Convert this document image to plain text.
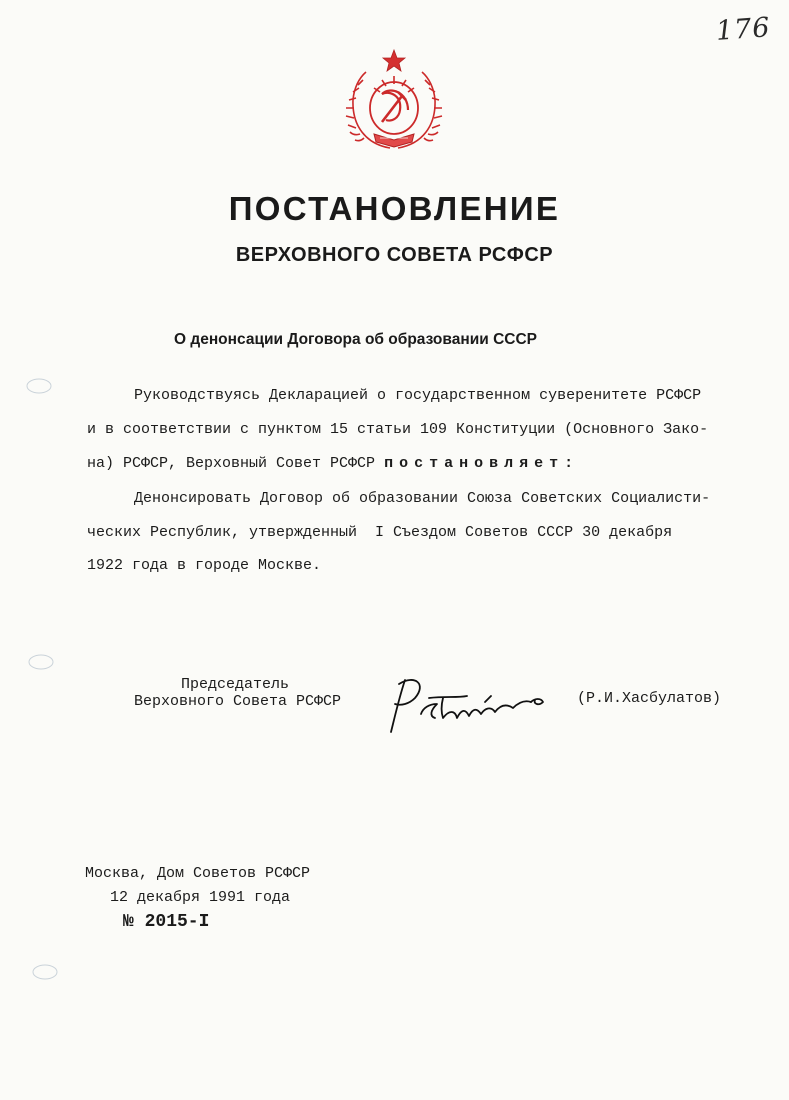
176
ПОСТАНОВЛЕНИЕ
ВЕРХОВНОГО СОВЕТА РСФСР

О денонсации Договора об образовании СССР

Руководствуясь Декларацией о государственном суверенитете РСФСР

и в соответствии с пунктом 15 статьи 109 Конституции (Основного Зако-

на) РСФСР, Верховный Совет РСФСР постановляет:

Денонсировать Договор об образовании Союза Советских Социалисти-

ческих Республик, утвержденный  I Съездом Советов СССР 30 декабря

1922 года в городе Москве.

Председатель

Верховного Совета РСФСР	(Р.И.Хасбулатов)

Москва, Дом Советов РСФСР

12 декабря 1991 года

№ 2015-I
